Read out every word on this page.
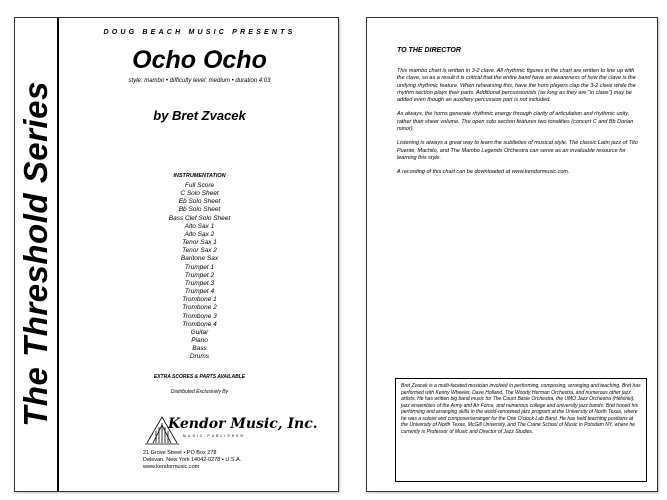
The Threshold Series
DOUG BEACH MUSIC PRESENTS
Ocho Ocho
style: mambo • difficulty level: medium • duration 4:03
by Bret Zvacek
INSTRUMENTATION
Full Score
C Solo Sheet
Eb Solo Sheet
Bb Solo Sheet
Bass Clef Solo Sheet
Alto Sax 1
Alto Sax 2
Tenor Sax 1
Tenor Sax 2
Baritone Sax
Trumpet 1
Trumpet 2
Trumpet 3
Trumpet 4
Trombone 1
Trombone 2
Trombone 3
Trombone 4
Guitar
Piano
Bass
Drums
EXTRA SCORES & PARTS AVAILABLE
Distributed Exclusively By
Kendor Music, Inc.
MUSIC PUBLISHER
21 Grove Street • PO Box 278
Delevan, New York 14042-0278 • U.S.A.
www.kendormusic.com
TO THE DIRECTOR

This mambo chart is written in 3-2 clave. All rhythmic figures in the chart are written to line up with the clave, so as a result it is critical that the entire band have an awareness of how the clave is the unifying rhythmic feature. When rehearsing this, have the horn players clap the 3-2 clave while the rhythm section plays their parts. Additional percussionists (as long as they are "in clave") may be added even though an auxiliary percussion part is not included.

As always, the horns generate rhythmic energy through clarity of articulation and rhythmic unity, rather than sheer volume. The open solo section features two tonalities (concert C and Bb Dorian minor).

Listening is always a great way to learn the subtleties of musical style. The classic Latin jazz of Tito Puente, Machito, and The Mambo Legends Orchestra can serve as an invaluable resource for learning this style.

A recording of this chart can be downloaded at www.kendormusic.com.

Bret Zvacek is a multi-faceted musician involved in performing, composing, arranging and teaching. Bret has performed with Kenny Wheeler, Dave Holland, The Woody Herman Orchestra, and numerous other jazz artists. He has written big band music for The Count Basie Orchestra, the UMO Jazz Orchestra (Helsinki), jazz ensembles of the Army and Air Force, and numerous college and university jazz bands. Bret honed his performing and arranging skills in the world-renowned jazz program at the University of North Texas, where he was a soloist and composer/arranger for the One O'clock Lab Band. He has held teaching positions at the University of North Texas, McGill University, and The Crane School of Music in Potsdam NY, where he currently is Professor of Music and Director of Jazz Studies.
